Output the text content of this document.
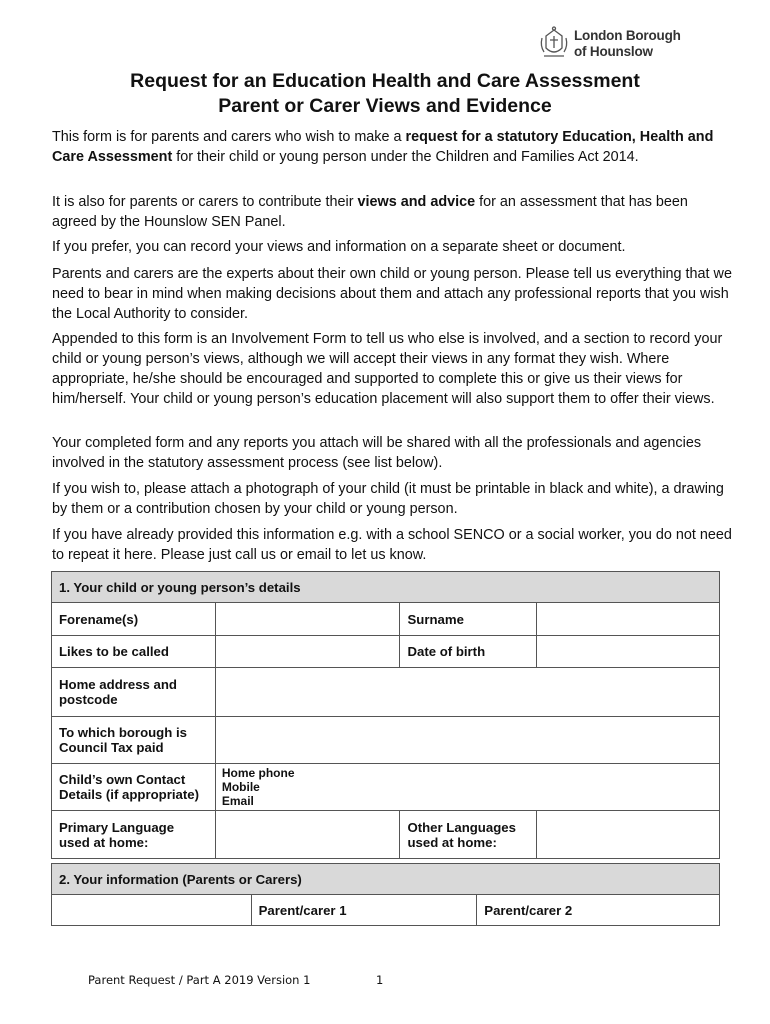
London Borough
of Hounslow
Request for an Education Health and Care Assessment
Parent or Carer Views and Evidence
This form is for parents and carers who wish to make a request for a statutory Education, Health and Care Assessment for their child or young person under the Children and Families Act 2014.
It is also for parents or carers to contribute their views and advice for an assessment that has been agreed by the Hounslow SEN Panel.
If you prefer, you can record your views and information on a separate sheet or document.
Parents and carers are the experts about their own child or young person. Please tell us everything that we need to bear in mind when making decisions about them and attach any professional reports that you wish the Local Authority to consider.
Appended to this form is an Involvement Form to tell us who else is involved, and a section to record your child or young person’s views, although we will accept their views in any format they wish. Where appropriate, he/she should be encouraged and supported to complete this or give us their views for him/herself. Your child or young person’s education placement will also support them to offer their views.
Your completed form and any reports you attach will be shared with all the professionals and agencies involved in the statutory assessment process (see list below).
If you wish to, please attach a photograph of your child (it must be printable in black and white), a drawing by them or a contribution chosen by your child or young person.
If you have already provided this information e.g. with a school SENCO or a social worker, you do not need to repeat it here. Please just call us or email to let us know.
1. Your child or young person’s details			
Forename(s)		Surname	
Likes to be called		Date of birth	
Home address and postcode			
To which borough is Council Tax paid			
Child’s own Contact Details (if appropriate)	Home phone
Mobile
Email		

Primary Language used at home:		Other Languages used at home:	
2. Your information (Parents or Carers)
	Parent/carer 1	Parent/carer 2
Parent Request / Part A 2019 Version 1	1
